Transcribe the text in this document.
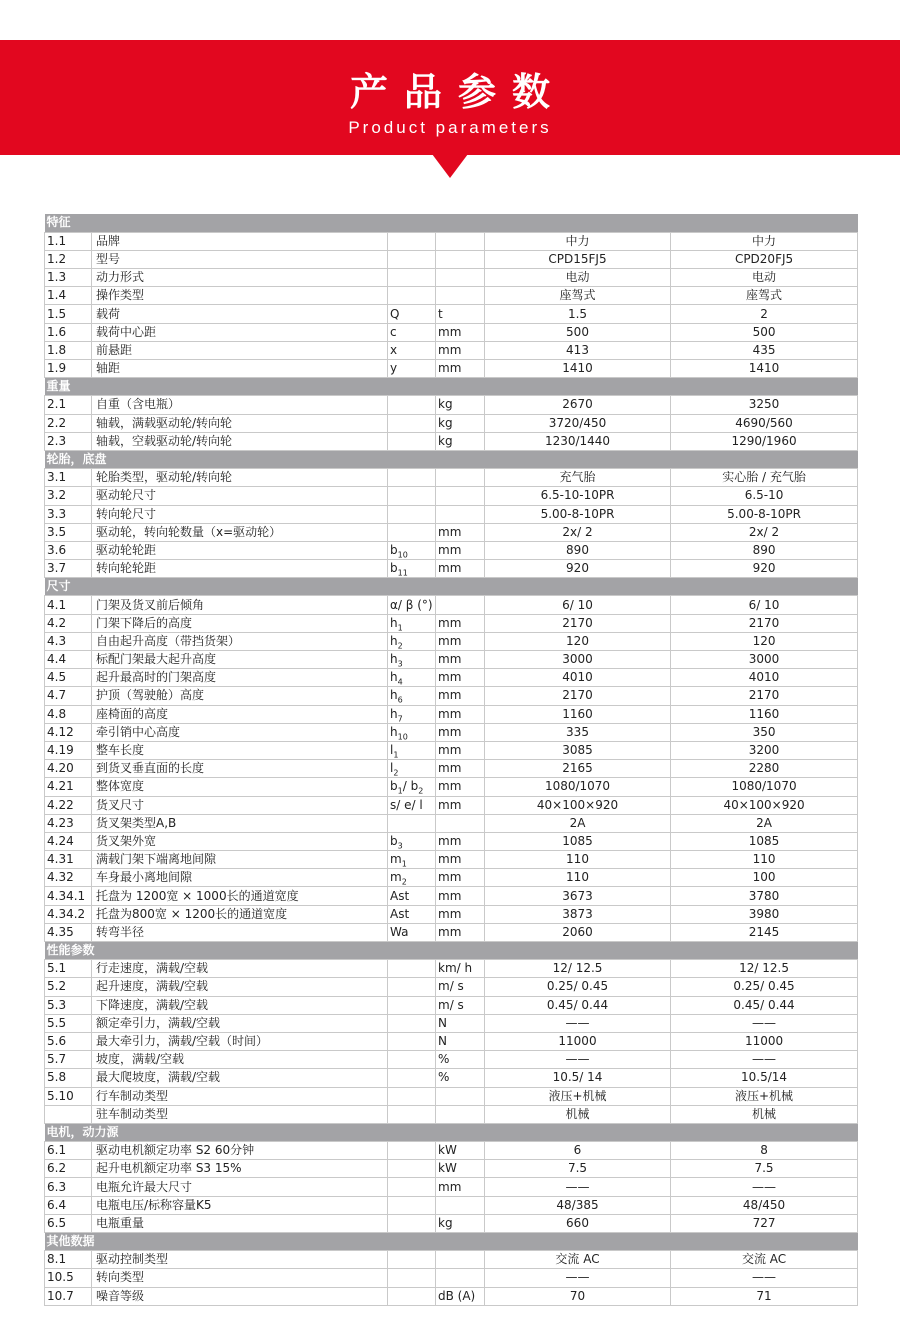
产品参数
Product parameters
特征					
1.1	品牌			中力	中力
1.2	型号			CPD15FJ5	CPD20FJ5
1.3	动力形式			电动	电动
1.4	操作类型			座驾式	座驾式
1.5	载荷	Q	t	1.5	2
1.6	载荷中心距	c	mm	500	500
1.8	前悬距	x	mm	413	435
1.9	轴距	y	mm	1410	1410
重量					
2.1	自重（含电瓶）		kg	2670	3250
2.2	轴载，满载驱动轮/转向轮		kg	3720/450	4690/560
2.3	轴载，空载驱动轮/转向轮		kg	1230/1440	1290/1960
轮胎，底盘					
3.1	轮胎类型，驱动轮/转向轮			充气胎	实心胎 / 充气胎
3.2	驱动轮尺寸			6.5-10-10PR	6.5-10
3.3	转向轮尺寸			5.00-8-10PR	5.00-8-10PR
3.5	驱动轮，转向轮数量（x=驱动轮）		mm	2x/ 2	2x/ 2
3.6	驱动轮轮距	$b_{10}$	mm	890	890
3.7	转向轮轮距	$b_{11}$	mm	920	920
尺寸					
4.1	门架及货叉前后倾角	α/ β (°)		6/ 10	6/ 10
4.2	门架下降后的高度	$h_1$	mm	2170	2170
4.3	自由起升高度（带挡货架）	$h_2$	mm	120	120
4.4	标配门架最大起升高度	$h_3$	mm	3000	3000
4.5	起升最高时的门架高度	$h_4$	mm	4010	4010
4.7	护顶（驾驶舱）高度	$h_6$	mm	2170	2170
4.8	座椅面的高度	$h_7$	mm	1160	1160
4.12	牵引销中心高度	$h_{10}$	mm	335	350
4.19	整车长度	$l_1$	mm	3085	3200
4.20	到货叉垂直面的长度	$l_2$	mm	2165	2280
4.21	整体宽度	$b_1/$ $b_2$	mm	1080/1070	1080/1070
4.22	货叉尺寸	s/ e/ l	mm	40×100×920	40×100×920
4.23	货叉架类型A,B			2A	2A
4.24	货叉架外宽	$b_3$	mm	1085	1085
4.31	满载门架下端离地间隙	$m_1$	mm	110	110
4.32	车身最小离地间隙	$m_2$	mm	110	100
4.34.1	托盘为 1200宽 × 1000长的通道宽度	Ast	mm	3673	3780
4.34.2	托盘为800宽 × 1200长的通道宽度	Ast	mm	3873	3980
4.35	转弯半径	Wa	mm	2060	2145
性能参数					
5.1	行走速度，满载/空载		km/ h	12/ 12.5	12/ 12.5
5.2	起升速度，满载/空载		m/ s	0.25/ 0.45	0.25/ 0.45
5.3	下降速度，满载/空载		m/ s	0.45/ 0.44	0.45/ 0.44
5.5	额定牵引力，满载/空载		N	——	——
5.6	最大牵引力，满载/空载（时间）		N	11000	11000
5.7	坡度，满载/空载		%	——	——
5.8	最大爬坡度，满载/空载		%	10.5/ 14	10.5/14
5.10	行车制动类型			液压+机械	液压+机械
	驻车制动类型			机械	机械
电机，动力源					
6.1	驱动电机额定功率 S2 60分钟		kW	6	8
6.2	起升电机额定功率 S3 15%		kW	7.5	7.5
6.3	电瓶允许最大尺寸		mm	——	——
6.4	电瓶电压/标称容量K5			48/385	48/450
6.5	电瓶重量		kg	660	727
其他数据					
8.1	驱动控制类型			交流 AC	交流 AC
10.5	转向类型			——	——
10.7	噪音等级		dB (A)	70	71
